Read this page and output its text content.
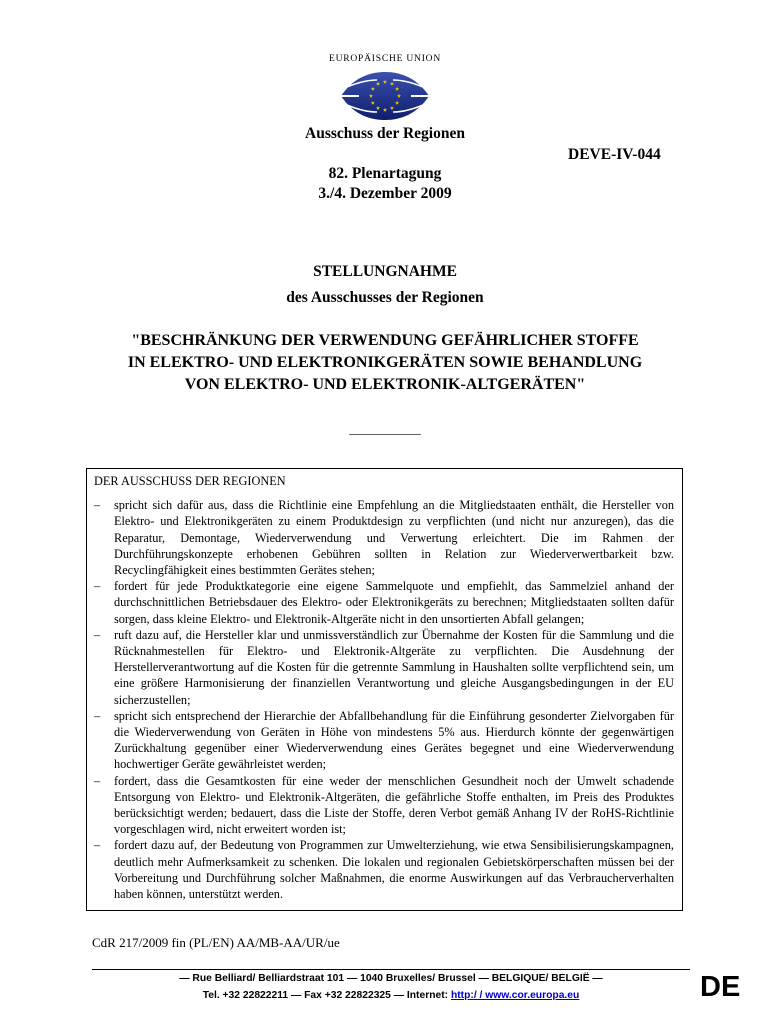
EUROPÄISCHE UNION
Ausschuss der Regionen
DEVE-IV-044
82. Plenartagung
3./4. Dezember 2009
STELLUNGNAHME
des Ausschusses der Regionen
"BESCHRÄNKUNG DER VERWENDUNG GEFÄHRLICHER STOFFE
IN ELEKTRO- UND ELEKTRONIKGERÄTEN SOWIE BEHANDLUNG
VON ELEKTRO- UND ELEKTRONIK-ALTGERÄTEN"
___________
DER AUSSCHUSS DER REGIONEN
– spricht sich dafür aus, dass die Richtlinie eine Empfehlung an die Mitgliedstaaten enthält, die Hersteller von Elektro- und Elektronikgeräten zu einem Produktdesign zu verpflichten (und nicht nur anzuregen), das die Reparatur, Demontage, Wiederverwendung und Verwertung erleichtert. Die im Rahmen der Durchführungskonzepte erhobenen Gebühren sollten in Relation zur Wiederverwertbarkeit bzw. Recyclingfähigkeit eines bestimmten Gerätes stehen;
– fordert für jede Produktkategorie eine eigene Sammelquote und empfiehlt, das Sammelziel anhand der durchschnittlichen Betriebsdauer des Elektro- oder Elektronikgeräts zu berechnen; Mitgliedstaaten sollten dafür sorgen, dass kleine Elektro- und Elektronik-Altgeräte nicht in den unsortierten Abfall gelangen;
– ruft dazu auf, die Hersteller klar und unmissverständlich zur Übernahme der Kosten für die Sammlung und die Rücknahmestellen für Elektro- und Elektronik-Altgeräte zu verpflichten. Die Ausdehnung der Herstellerverantwortung auf die Kosten für die getrennte Sammlung in Haushalten sollte verpflichtend sein, um eine größere Harmonisierung der finanziellen Verantwortung und gleiche Ausgangsbedingungen in der EU sicherzustellen;
– spricht sich entsprechend der Hierarchie der Abfallbehandlung für die Einführung gesonderter Zielvorgaben für die Wiederverwendung von Geräten in Höhe von mindestens 5% aus. Hierdurch könnte der gegenwärtigen Zurückhaltung gegenüber einer Wiederverwendung eines Gerätes begegnet und eine Wiederverwendung hochwertiger Geräte gewährleistet werden;
– fordert, dass die Gesamtkosten für eine weder der menschlichen Gesundheit noch der Umwelt schadende Entsorgung von Elektro- und Elektronik-Altgeräten, die gefährliche Stoffe enthalten, im Preis des Produktes berücksichtigt werden; bedauert, dass die Liste der Stoffe, deren Verbot gemäß Anhang IV der RoHS-Richtlinie vorgeschlagen wird, nicht erweitert worden ist;
– fordert dazu auf, der Bedeutung von Programmen zur Umwelterziehung, wie etwa Sensibilisierungskampagnen, deutlich mehr Aufmerksamkeit zu schenken. Die lokalen und regionalen Gebietskörperschaften müssen bei der Vorbereitung und Durchführung solcher Maßnahmen, die enorme Auswirkungen auf das Verbraucherverhalten haben können, unterstützt werden.
CdR 217/2009 fin (PL/EN) AA/MB-AA/UR/ue
— Rue Belliard/ Belliardstraat 101 — 1040 Bruxelles/ Brussel — BELGIQUE/ BELGIË —
Tel. +32 22822211 — Fax +32 22822325 — Internet: http:/ / www.cor.europa.eu	DE
